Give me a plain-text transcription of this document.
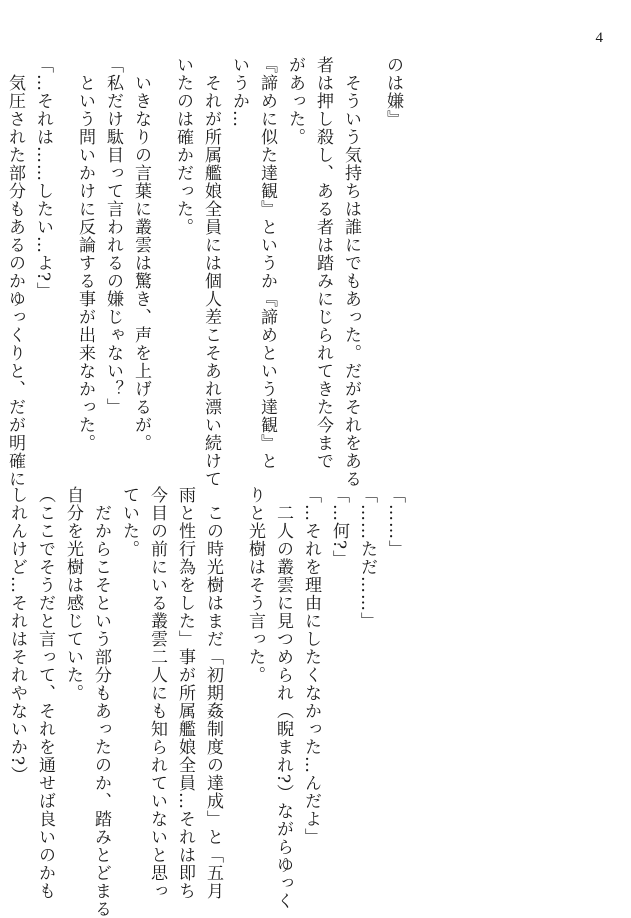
4
のは嫌』
　そういう気持ちは誰にでもあった。だがそれをある
者は押し殺し、ある者は踏みにじられてきた今まで
があった。
『諦めに似た達観』というか『諦めという達観』と
いうか…
　それが所属艦娘全員には個人差こそあれ漂い続けて
いたのは確かだった。
　いきなりの言葉に叢雲は驚き、声を上げるが。
「私だけ駄目って言われるの嫌じゃない？」
　という問いかけに反論する事が出来なかった。
「…それは……したい…よ?」
　気圧された部分もあるのかゆっくりと、だが明確に
「……」
「……ただ……」
「…何?」
「…それを理由にしたくなかった…んだよ」
　二人の叢雲に見つめられ（睨まれ?）ながらゆっく
りと光樹はそう言った。
　この時光樹はまだ「初期姦制度の達成」と「五月
雨と性行為をした」事が所属艦娘全員…それは即ち
今目の前にいる叢雲二人にも知られていないと思っ
ていた。
　だからこそという部分もあったのか、踏みとどまる
自分を光樹は感じていた。
（ここでそうだと言って、それを通せば良いのかも
しれんけど…それはそれやないか?）
